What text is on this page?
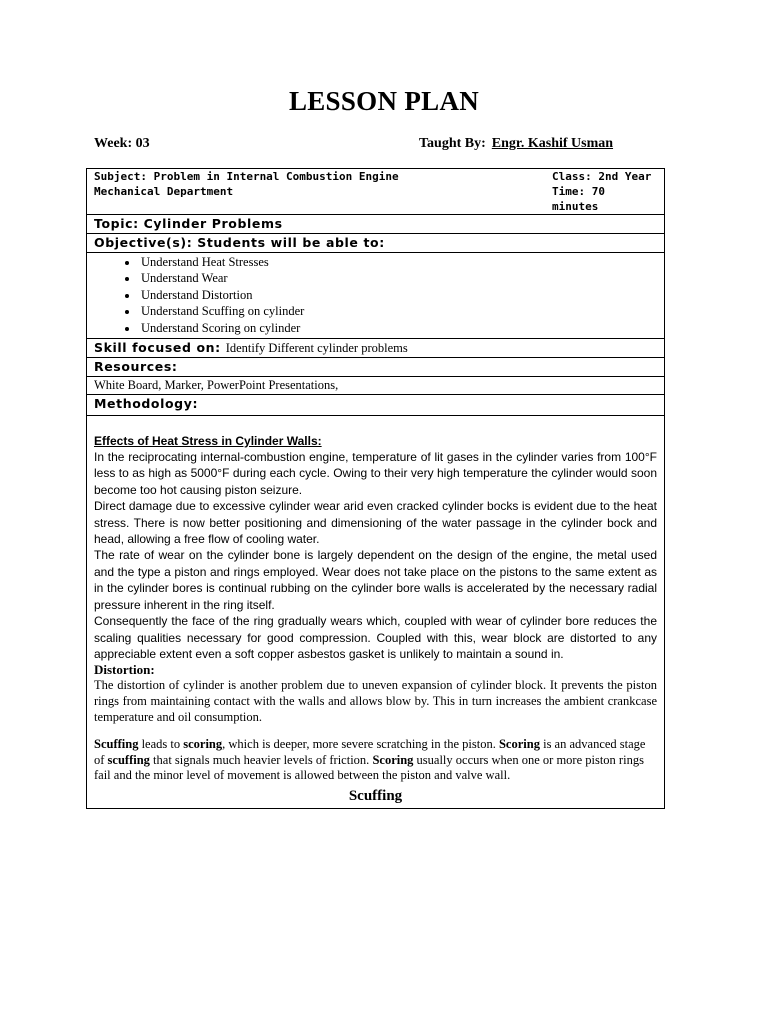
LESSON PLAN
Week: 03	Taught By: Engr. Kashif Usman
Subject: Problem in Internal Combustion Engine
Mechanical Department
Class: 2nd Year
Time: 70 minutes

Topic: Cylinder Problems
Objective(s): Students will be able to:

• Understand Heat Stresses
• Understand Wear
• Understand Distortion
• Understand Scuffing on cylinder
• Understand Scoring on cylinder

Skill focused on: Identify Different cylinder problems
Resources:
White Board, Marker, PowerPoint Presentations,
Methodology:

Effects of Heat Stress in Cylinder Walls:

In the reciprocating internal-combustion engine, temperature of lit gases in the cylinder varies from 100°F less to as high as 5000°F during each cycle. Owing to their very high temperature the cylinder would soon become too hot causing piston seizure.

Direct damage due to excessive cylinder wear arid even cracked cylinder bocks is evident due to the heat stress. There is now better positioning and dimensioning of the water passage in the cylinder bock and head, allowing a free flow of cooling water.

The rate of wear on the cylinder bone is largely dependent on the design of the engine, the metal used and the type a piston and rings employed. Wear does not take place on the pistons to the same extent as in the cylinder bores is continual rubbing on the cylinder bore walls is accelerated by the necessary radial pressure inherent in the ring itself.

Consequently the face of the ring gradually wears which, coupled with wear of cylinder bore reduces the scaling qualities necessary for good compression. Coupled with this, wear block are distorted to any appreciable extent even a soft copper asbestos gasket is unlikely to maintain a sound in.

Distortion:

The distortion of cylinder is another problem due to uneven expansion of cylinder block. It prevents the piston rings from maintaining contact with the walls and allows blow by. This in turn increases the ambient crankcase temperature and oil consumption.

Scuffing leads to scoring, which is deeper, more severe scratching in the piston. Scoring is an advanced stage of scuffing that signals much heavier levels of friction. Scoring usually occurs when one or more piston rings fail and the minor level of movement is allowed between the piston and valve wall.

Scuffing
